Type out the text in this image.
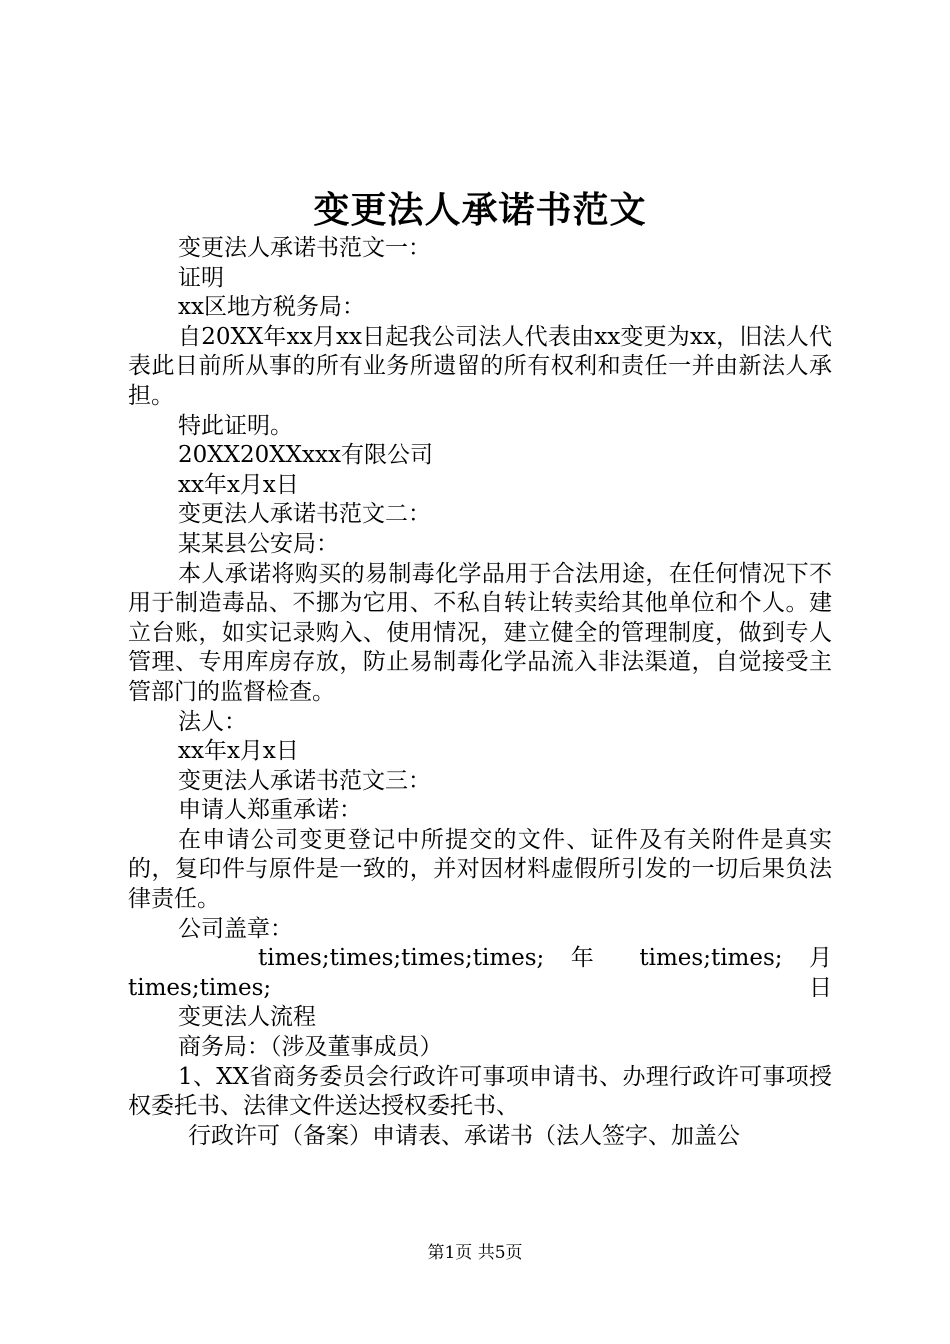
变更法人承诺书范文

变更法人承诺书范文一：

证明

xx区地方税务局：

自20XX年xx月xx日起我公司法人代表由xx变更为xx，旧法人代表此日前所从事的所有业务所遗留的所有权利和责任一并由新法人承担。

特此证明。

20XX20XXxxx有限公司

xx年x月x日

变更法人承诺书范文二：

某某县公安局：

本人承诺将购买的易制毒化学品用于合法用途，在任何情况下不用于制造毒品、不挪为它用、不私自转让转卖给其他单位和个人。建立台账，如实记录购入、使用情况，建立健全的管理制度，做到专人管理、专用库房存放，防止易制毒化学品流入非法渠道，自觉接受主管部门的监督检查。

法人：

xx年x月x日

变更法人承诺书范文三：

申请人郑重承诺：

在申请公司变更登记中所提交的文件、证件及有关附件是真实的，复印件与原件是一致的，并对因材料虚假所引发的一切后果负法律责任。

公司盖章：

times;times;times;times; 年 times;times; 月 times;times;日

变更法人流程

商务局：（涉及董事成员）

1、XX省商务委员会行政许可事项申请书、办理行政许可事项授权委托书、法律文件送达授权委托书、

行政许可（备案）申请表、承诺书（法人签字、加盖公

第1页 共5页
